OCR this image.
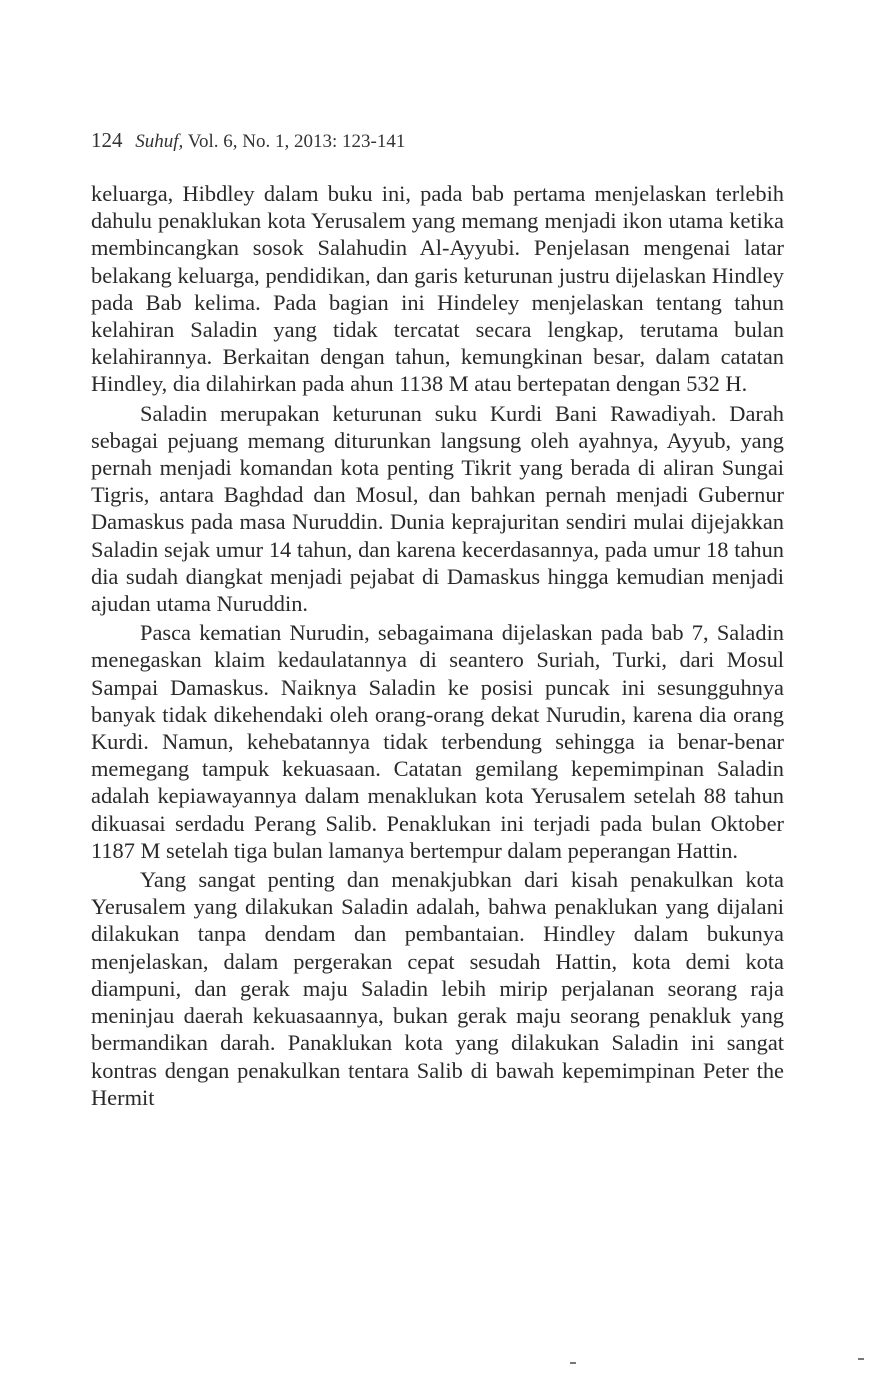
124 Suhuf, Vol. 6, No. 1, 2013: 123-141

keluarga, Hibdley dalam buku ini, pada bab pertama menjelaskan terlebih dahulu penaklukan kota Yerusalem yang memang menjadi ikon utama ketika membincangkan sosok Salahudin Al-Ayyubi. Penjelasan mengenai latar belakang keluarga, pendidikan, dan garis keturunan justru dijelaskan Hindley pada Bab kelima. Pada bagian ini Hindeley menjelaskan tentang tahun kelahiran Saladin yang tidak tercatat secara lengkap, terutama bulan kelahirannya. Berkaitan dengan tahun, kemungkinan besar, dalam catatan Hindley, dia dilahirkan pada ahun 1138 M atau bertepatan dengan 532 H.

Saladin merupakan keturunan suku Kurdi Bani Rawadiyah. Darah sebagai pejuang memang diturunkan langsung oleh ayahnya, Ayyub, yang pernah menjadi komandan kota penting Tikrit yang berada di aliran Sungai Tigris, antara Baghdad dan Mosul, dan bahkan pernah menjadi Gubernur Damaskus pada masa Nuruddin. Dunia keprajuritan sendiri mulai dijejakkan Saladin sejak umur 14 tahun, dan karena kecerdasannya, pada umur 18 tahun dia sudah diangkat menjadi pejabat di Damaskus hingga kemudian menjadi ajudan utama Nuruddin.

Pasca kematian Nurudin, sebagaimana dijelaskan pada bab 7, Saladin menegaskan klaim kedaulatannya di seantero Suriah, Turki, dari Mosul Sampai Damaskus. Naiknya Saladin ke posisi puncak ini sesungguhnya banyak tidak dikehendaki oleh orang-orang dekat Nurudin, karena dia orang Kurdi. Namun, kehebatannya tidak terbendung sehingga ia benar-benar memegang tampuk kekuasaan. Catatan gemilang kepemimpinan Saladin adalah kepiawayannya dalam menaklukan kota Yerusalem setelah 88 tahun dikuasai serdadu Perang Salib. Penaklukan ini terjadi pada bulan Oktober 1187 M setelah tiga bulan lamanya bertempur dalam peperangan Hattin.

Yang sangat penting dan menakjubkan dari kisah penakulkan kota Yerusalem yang dilakukan Saladin adalah, bahwa penaklukan yang dijalani dilakukan tanpa dendam dan pembantaian. Hindley dalam bukunya menjelaskan, dalam pergerakan cepat sesudah Hattin, kota demi kota diampuni, dan gerak maju Saladin lebih mirip perjalanan seorang raja meninjau daerah kekuasaannya, bukan gerak maju seorang penakluk yang bermandikan darah. Panaklukan kota yang dilakukan Saladin ini sangat kontras dengan penakulkan tentara Salib di bawah kepemimpinan Peter the Hermit
